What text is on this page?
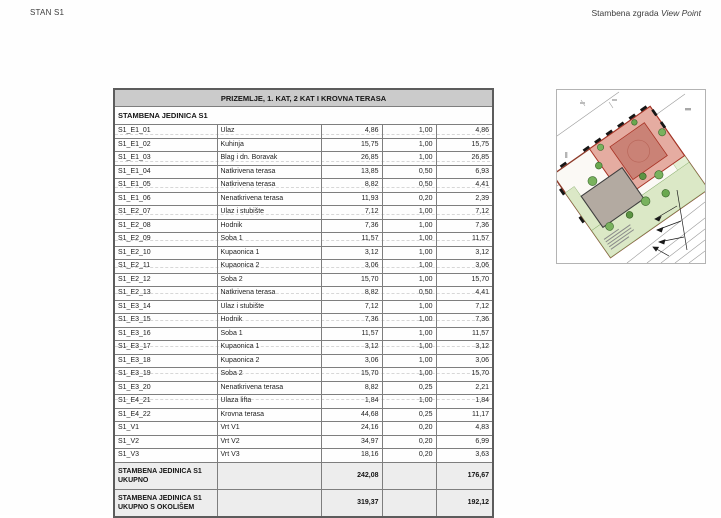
STAN S1	Stambena zgrada View Point
PRIZEMLJE, 1. KAT, 2 KAT I KROVNA TERASA				
STAMBENA JEDINICA S1				
S1_E1_01	Ulaz	4,86	1,00	4,86
S1_E1_02	Kuhinja	15,75	1,00	15,75
S1_E1_03	Blag i dn. Boravak	26,85	1,00	26,85
S1_E1_04	Natkrivena terasa	13,85	0,50	6,93
S1_E1_05	Natkrivena terasa	8,82	0,50	4,41
S1_E1_06	Nenatkrivena terasa	11,93	0,20	2,39
S1_E2_07	Ulaz i stubište	7,12	1,00	7,12
S1_E2_08	Hodnik	7,36	1,00	7,36
S1_E2_09	Soba 1	11,57	1,00	11,57
S1_E2_10	Kupaonica 1	3,12	1,00	3,12
S1_E2_11	Kupaonica 2	3,06	1,00	3,06
S1_E2_12	Soba 2	15,70	1,00	15,70
S1_E2_13	Natkrivena terasa	8,82	0,50	4,41
S1_E3_14	Ulaz i stubište	7,12	1,00	7,12
S1_E3_15	Hodnik	7,36	1,00	7,36
S1_E3_16	Soba 1	11,57	1,00	11,57
S1_E3_17	Kupaonica 1	3,12	1,00	3,12
S1_E3_18	Kupaonica 2	3,06	1,00	3,06
S1_E3_19	Soba 2	15,70	1,00	15,70
S1_E3_20	Nenatkrivena terasa	8,82	0,25	2,21
S1_E4_21	Ulaza lifta	1,84	1,00	1,84
S1_E4_22	Krovna terasa	44,68	0,25	11,17
S1_V1	Vrt V1	24,16	0,20	4,83
S1_V2	Vrt V2	34,97	0,20	6,99
S1_V3	Vrt V3	18,16	0,20	3,63

STAMBENA JEDINICA S1
UKUPNO		242,08		176,67

STAMBENA JEDINICA S1
UKUPNO S OKOLIŠEM		319,37		192,12
